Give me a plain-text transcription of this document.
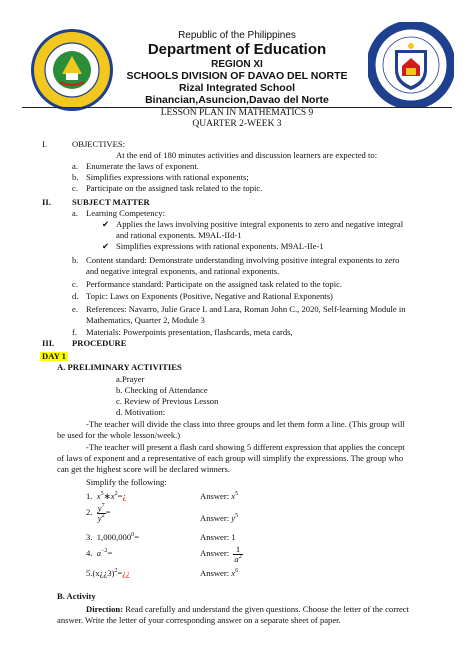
Republic of the Philippines
Department of Education
REGION XI
SCHOOLS DIVISION OF DAVAO DEL NORTE
Rizal Integrated School
Binancian,Asuncion,Davao del Norte
LESSON PLAN IN MATHEMATICS 9
QUARTER 2-WEEK 3
I.	OBJECTIVES:
At the end of 180 minutes activities and discussion learners are expected to:
a. Enumerate the laws of exponent.
b. Simplifies expressions with rational exponents;
c. Participate on the assigned task related to the topic.
II. SUBJECT MATTER
a. Learning Competency:
✔ Applies the laws involving positive integral exponents to zero and negative integral
and rational exponents. M9AL-IId-1
✔ Simplifies expressions with rational exponents. M9AL-IIe-1
b. Content standard: Demonstrate understanding involving positive integral exponents to zero
and negative integral exponents, and rational exponents.
c. Performance standard: Participate on the assigned task related to the topic.
d. Topic: Laws on Exponents (Positive, Negative and Rational Exponents)
e. References: Navarro, Julie Grace I. and Lara, Roman John C., 2020, Self-learning Module in
Mathematics, Quarter 2, Module 3
f. Materials: Powerpoints presentation, flashcards, meta cards,
III. PROCEDURE
DAY 1
A. PRELIMINARY ACTIVITIES
a.Prayer
b. Checking of Attendance
c. Review of Previous Lesson
d. Motivation:
-The teacher will divide the class into three groups and let them form a line. (This group will
be used for the whole lesson/week.)
-The teacher will present a flash card showing 5 different expression that applies the concept
of laws of exponent and a representative of each group will simplify the expressions. The group who
can get the highest score will be declared winners.
Simplify the following:
1. $x^5∗x^2=¿$	Answer: $x^5$
2. $\frac{y^7}{y^2}$ =
Answer: $y^5$
3. $1,000,000^0=$	Answer: 1
4. $a^{-2}=$	Answer: $\frac{1}{a^2}$
5.(x¿¿3)$^2$=¿¿	Answer: $x^6$
B. Activity
Direction: Read carefully and understand the given questions. Choose the letter of the correct
answer. Write the letter of your corresponding answer on a separate sheet of paper.
